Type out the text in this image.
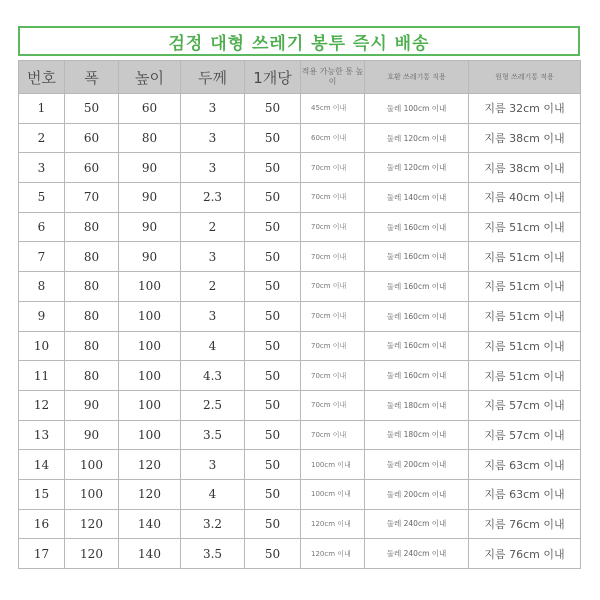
검정 대형 쓰레기 봉투 즉시 배송
번호	폭	높이	두께	1개당	적용 가능한 통 높이	호환 쓰레기통 직용	원형 쓰레기통 적용
1	50	60	3	50	45cm 이내	둘레 100cm 이내	지름 32cm 이내
2	60	80	3	50	60cm 이내	둘레 120cm 이내	지름 38cm 이내
3	60	90	3	50	70cm 이내	둘레 120cm 이내	지름 38cm 이내
5	70	90	2.3	50	70cm 이내	둘레 140cm 이내	지름 40cm 이내
6	80	90	2	50	70cm 이내	둘레 160cm 이내	지름 51cm 이내
7	80	90	3	50	70cm 이내	둘레 160cm 이내	지름 51cm 이내
8	80	100	2	50	70cm 이내	둘레 160cm 이내	지름 51cm 이내
9	80	100	3	50	70cm 이내	둘레 160cm 이내	지름 51cm 이내
10	80	100	4	50	70cm 이내	둘레 160cm 이내	지름 51cm 이내
11	80	100	4.3	50	70cm 이내	둘레 160cm 이내	지름 51cm 이내
12	90	100	2.5	50	70cm 이내	둘레 180cm 이내	지름 57cm 이내
13	90	100	3.5	50	70cm 이내	둘레 180cm 이내	지름 57cm 이내
14	100	120	3	50	100cm 이내	둘레 200cm 이내	지름 63cm 이내
15	100	120	4	50	100cm 이내	둘레 200cm 이내	지름 63cm 이내
16	120	140	3.2	50	120cm 이내	둘레 240cm 이내	지름 76cm 이내
17	120	140	3.5	50	120cm 이내	둘레 240cm 이내	지름 76cm 이내
